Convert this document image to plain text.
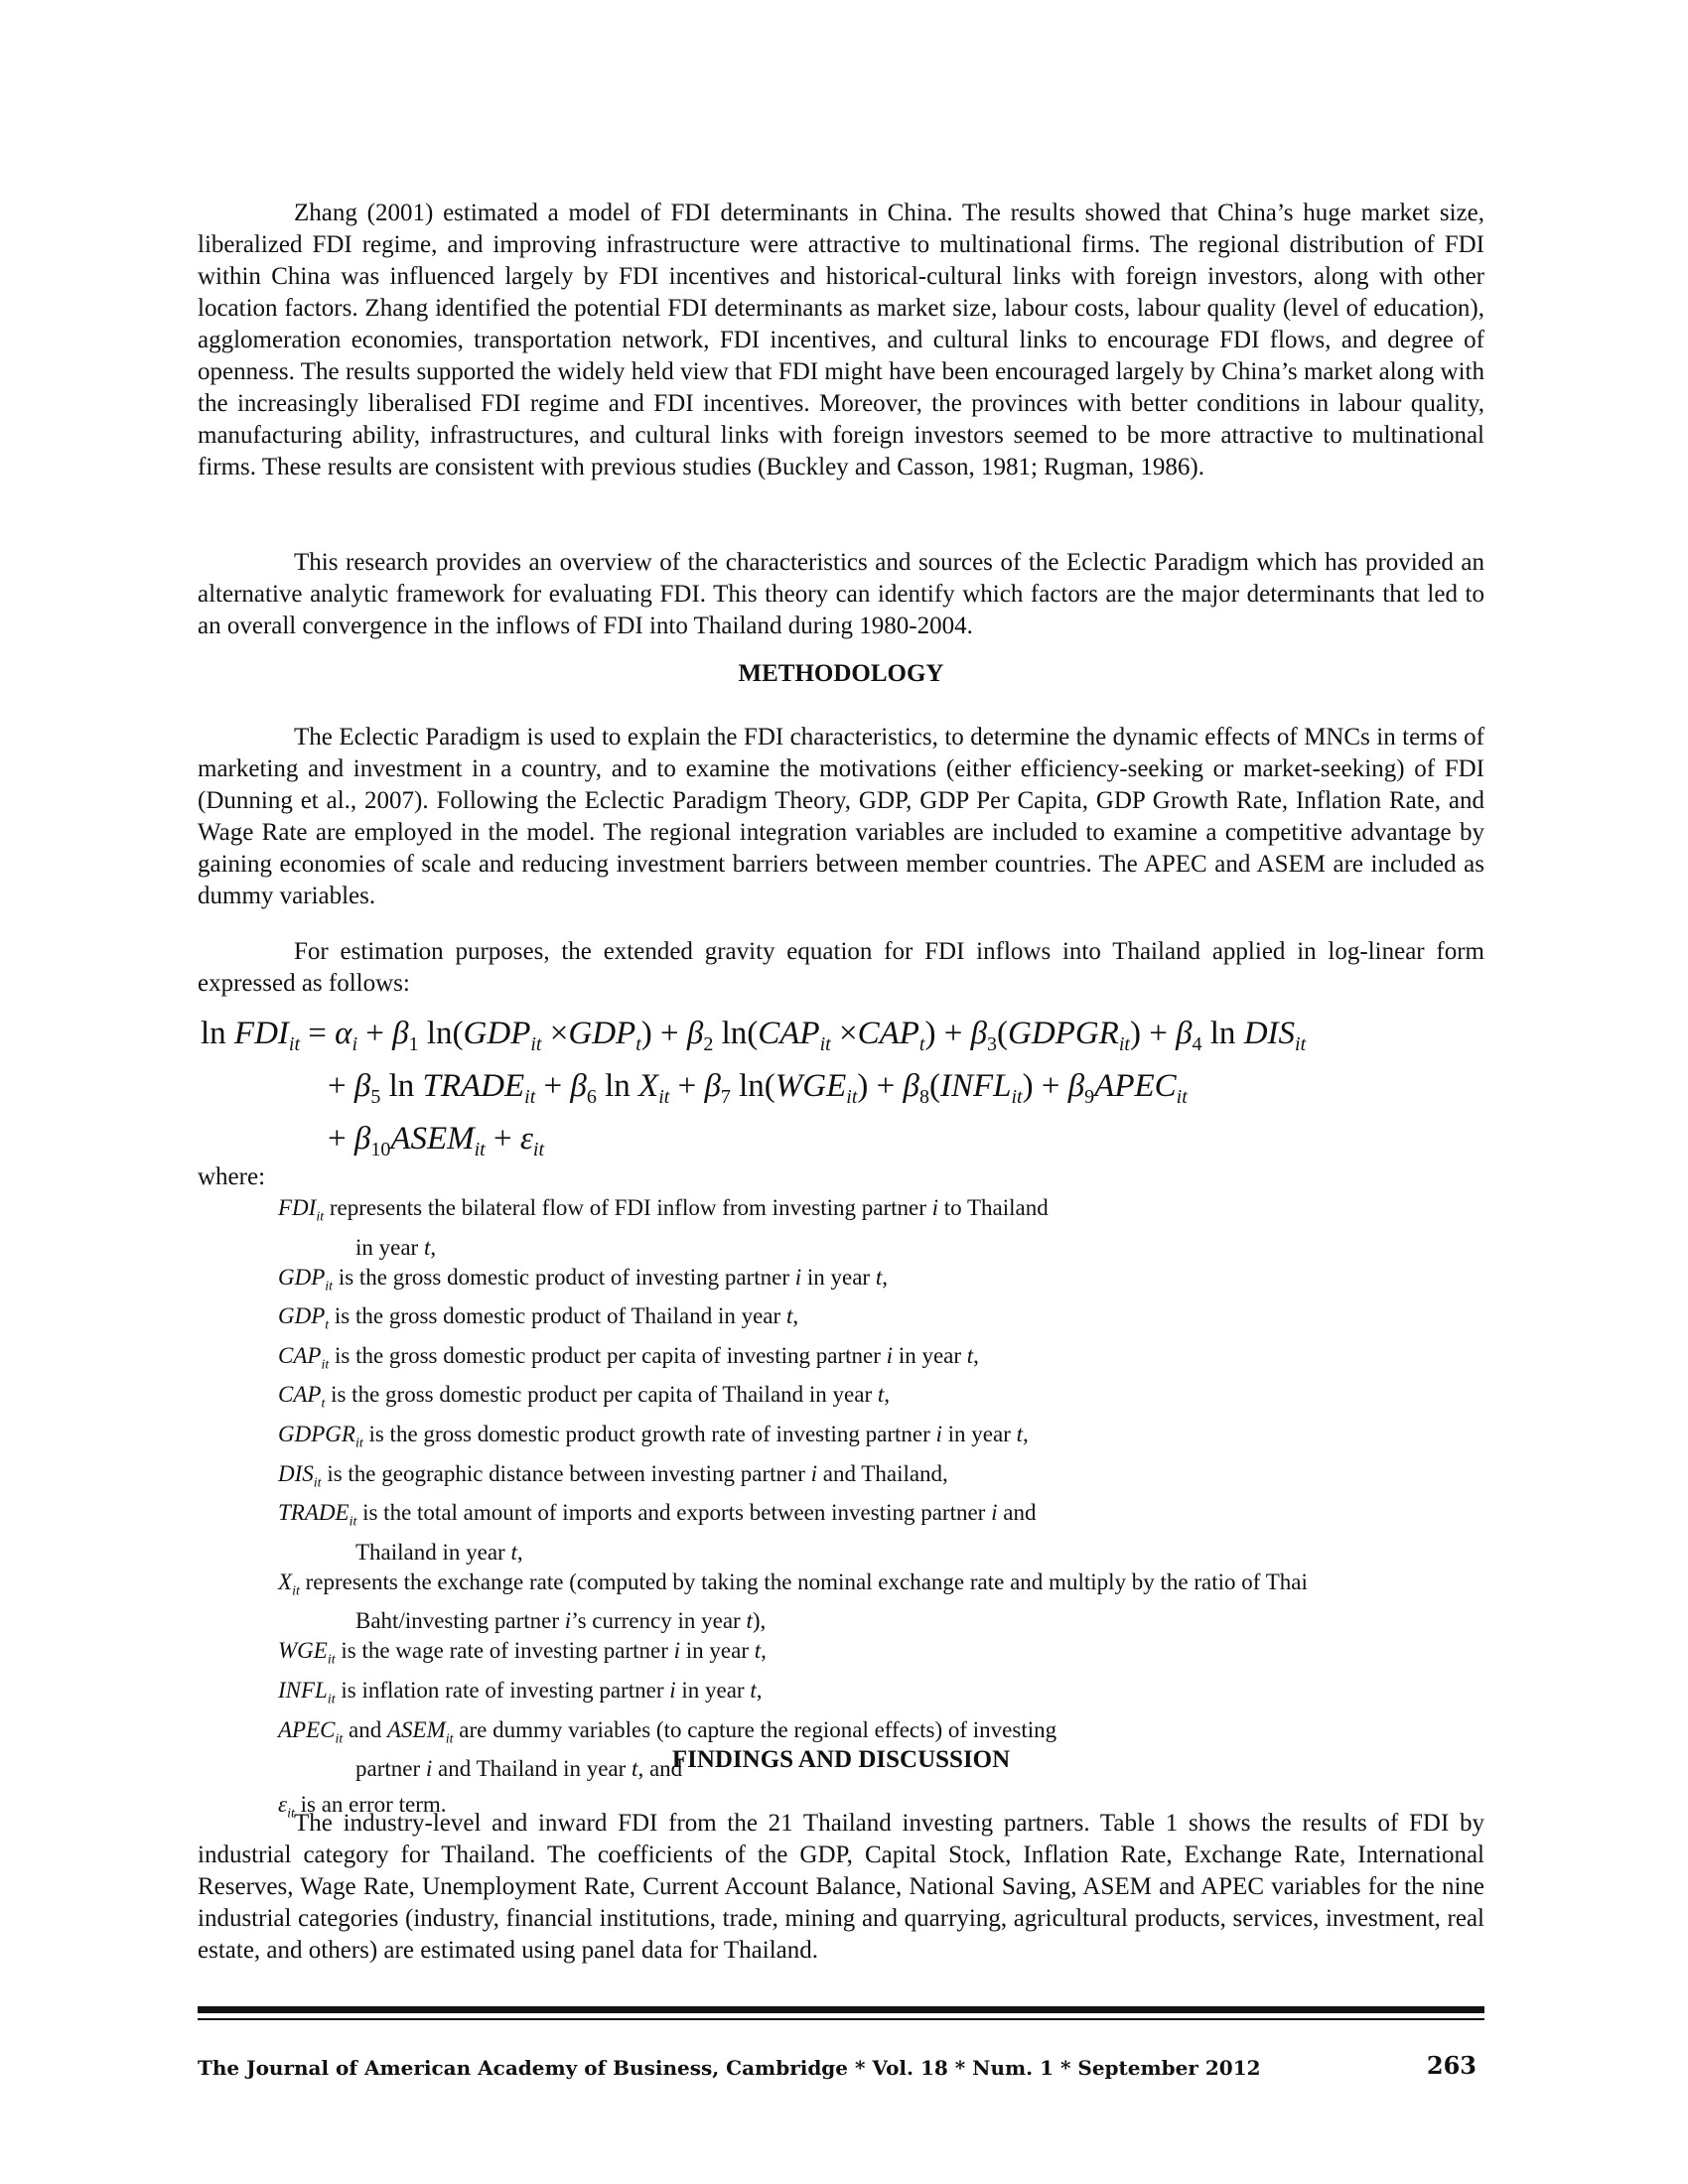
Zhang (2001) estimated a model of FDI determinants in China. The results showed that China’s huge market size, liberalized FDI regime, and improving infrastructure were attractive to multinational firms. The regional distribution of FDI within China was influenced largely by FDI incentives and historical-cultural links with foreign investors, along with other location factors. Zhang identified the potential FDI determinants as market size, labour costs, labour quality (level of education), agglomeration economies, transportation network, FDI incentives, and cultural links to encourage FDI flows, and degree of openness. The results supported the widely held view that FDI might have been encouraged largely by China’s market along with the increasingly liberalised FDI regime and FDI incentives. Moreover, the provinces with better conditions in labour quality, manufacturing ability, infrastructures, and cultural links with foreign investors seemed to be more attractive to multinational firms. These results are consistent with previous studies (Buckley and Casson, 1981; Rugman, 1986).

This research provides an overview of the characteristics and sources of the Eclectic Paradigm which has provided an alternative analytic framework for evaluating FDI. This theory can identify which factors are the major determinants that led to an overall convergence in the inflows of FDI into Thailand during 1980-2004.

METHODOLOGY

The Eclectic Paradigm is used to explain the FDI characteristics, to determine the dynamic effects of MNCs in terms of marketing and investment in a country, and to examine the motivations (either efficiency-seeking or market-seeking) of FDI (Dunning et al., 2007). Following the Eclectic Paradigm Theory, GDP, GDP Per Capita, GDP Growth Rate, Inflation Rate, and Wage Rate are employed in the model. The regional integration variables are included to examine a competitive advantage by gaining economies of scale and reducing investment barriers between member countries. The APEC and ASEM are included as dummy variables.

For estimation purposes, the extended gravity equation for FDI inflows into Thailand applied in log-linear form expressed as follows:

$\ln FDI_{it} = \alpha_i + \beta_1$ $\ln(GDP_{it} \times GDP_t) + \beta_2$ $\ln(CAP_{it} \times CAP_t)$ + $\beta_3(GDPGR_{it}) + \beta_4$ $\ln DIS_{it}$
+ $\beta_5$ $\ln TRADE_{it} + \beta_6$ $\ln X_{it} + \beta_7$ $\ln(WGE_{it})$ + $\beta_8(INFL_{it})$ + $\beta_9APEC_{it}$
+ $\beta_{10}ASEM_{it} + \varepsilon_{it}$
where:

$FDI_{it}$ represents the bilateral flow of FDI inflow from investing partner i to Thailand
in year t,

$GDP_{it}$ is the gross domestic product of investing partner i in year t,

$GDP_t$ is the gross domestic product of Thailand in year t,

$CAP_{it}$ is the gross domestic product per capita of investing partner i in year t,

$CAP_t$ is the gross domestic product per capita of Thailand in year t,

$GDPGR_{it}$ is the gross domestic product growth rate of investing partner i in year t,

$DIS_{it}$ is the geographic distance between investing partner i and Thailand,

$TRADE_{it}$ is the total amount of imports and exports between investing partner i and
Thailand in year t,

$X_{it}$ represents the exchange rate (computed by taking the nominal exchange rate and multiply by the ratio of Thai
Baht/investing partner i’s currency in year t),

$WGE_{it}$ is the wage rate of investing partner i in year t,

$INFL_{it}$ is inflation rate of investing partner i in year t,

$APEC_{it}$ and $ASEM_{it}$ are dummy variables (to capture the regional effects) of investing
partner i and Thailand in year t, and

$\varepsilon_{it}$ is an error term.

FINDINGS AND DISCUSSION

The industry-level and inward FDI from the 21 Thailand investing partners. Table 1 shows the results of FDI by industrial category for Thailand. The coefficients of the GDP, Capital Stock, Inflation Rate, Exchange Rate, International Reserves, Wage Rate, Unemployment Rate, Current Account Balance, National Saving, ASEM and APEC variables for the nine industrial categories (industry, financial institutions, trade, mining and quarrying, agricultural products, services, investment, real estate, and others) are estimated using panel data for Thailand.

The Journal of American Academy of Business, Cambridge * Vol. 18 * Num. 1 * September 2012	263
